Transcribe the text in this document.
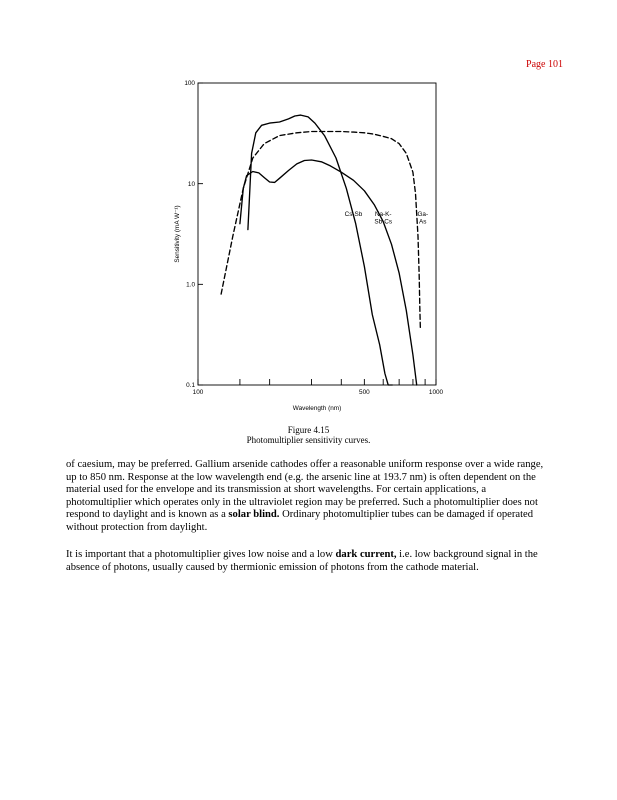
Page 101
0.1
1.0
10
100
100	500	1000
Cs-Sb Na-K-
Sb-Cs
Ga-
As
Wavelength (nm)
Sensitivity (mA W⁻¹)
Figure 4.15
Photomultiplier sensitivity curves.

of caesium, may be preferred. Gallium arsenide cathodes offer a reasonable uniform response over a wide range, up to 850 nm. Response at the low wavelength end (e.g. the arsenic line at 193.7 nm) is often dependent on the material used for the envelope and its transmission at short wavelengths. For certain applications, a photomultiplier which operates only in the ultraviolet region may be preferred. Such a photomultiplier does not respond to daylight and is known as a solar blind. Ordinary photomultiplier tubes can be damaged if operated without protection from daylight.

It is important that a photomultiplier gives low noise and a low dark current, i.e. low background signal in the absence of photons, usually caused by thermionic emission of photons from the cathode material.
